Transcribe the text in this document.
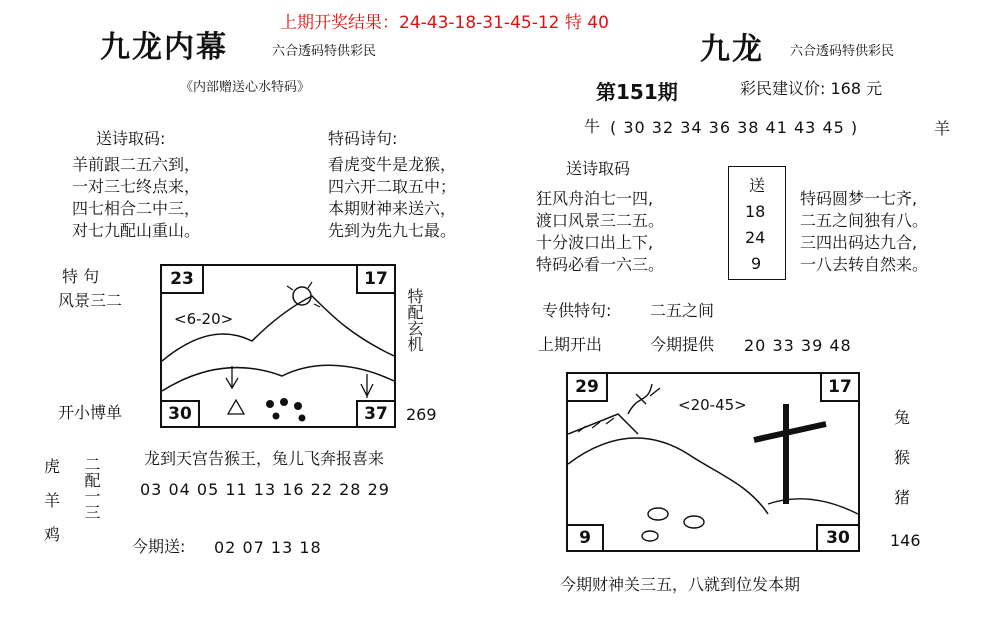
上期开奖结果：24-43-18-31-45-12 特 40
九龙内幕	六合透码特供彩民
《内部赠送心水特码》
送诗取码:
羊前跟二五六到，
一对三七终点来，
四七相合二中三，
对七九配山重山。
特码诗句:
看虎变牛是龙猴，
四六开二取五中；
本期财神来送六，
先到为先九七最。
特 句
风景三二
开小博单
<6-20>
23	17
30	37
特配玄机
269
虎
羊
鸡
二配一三	龙到天宫告猴王，兔儿飞奔报喜来
03 04 05 11 13 16 22 28 29
今期送: 02 07 13 18
九龙 六合透码特供彩民
第151期	彩民建议价: 168 元
牛 ( 30 32 34 36 38 41 43 45 )	羊
送诗取码
狂风舟泊七一四,
渡口风景三二五。
十分波口出上下,
特码必看一六三。
送
18
24
9
特码圆梦一七齐,
二五之间独有八。
三四出码达九合,
一八去转自然来。
专供特句: 二五之间
上期开出	今期提供 20 33 39 48
<20-45>
29	17
9	30
兔
猴
猪
146
今期财神关三五，八就到位发本期
